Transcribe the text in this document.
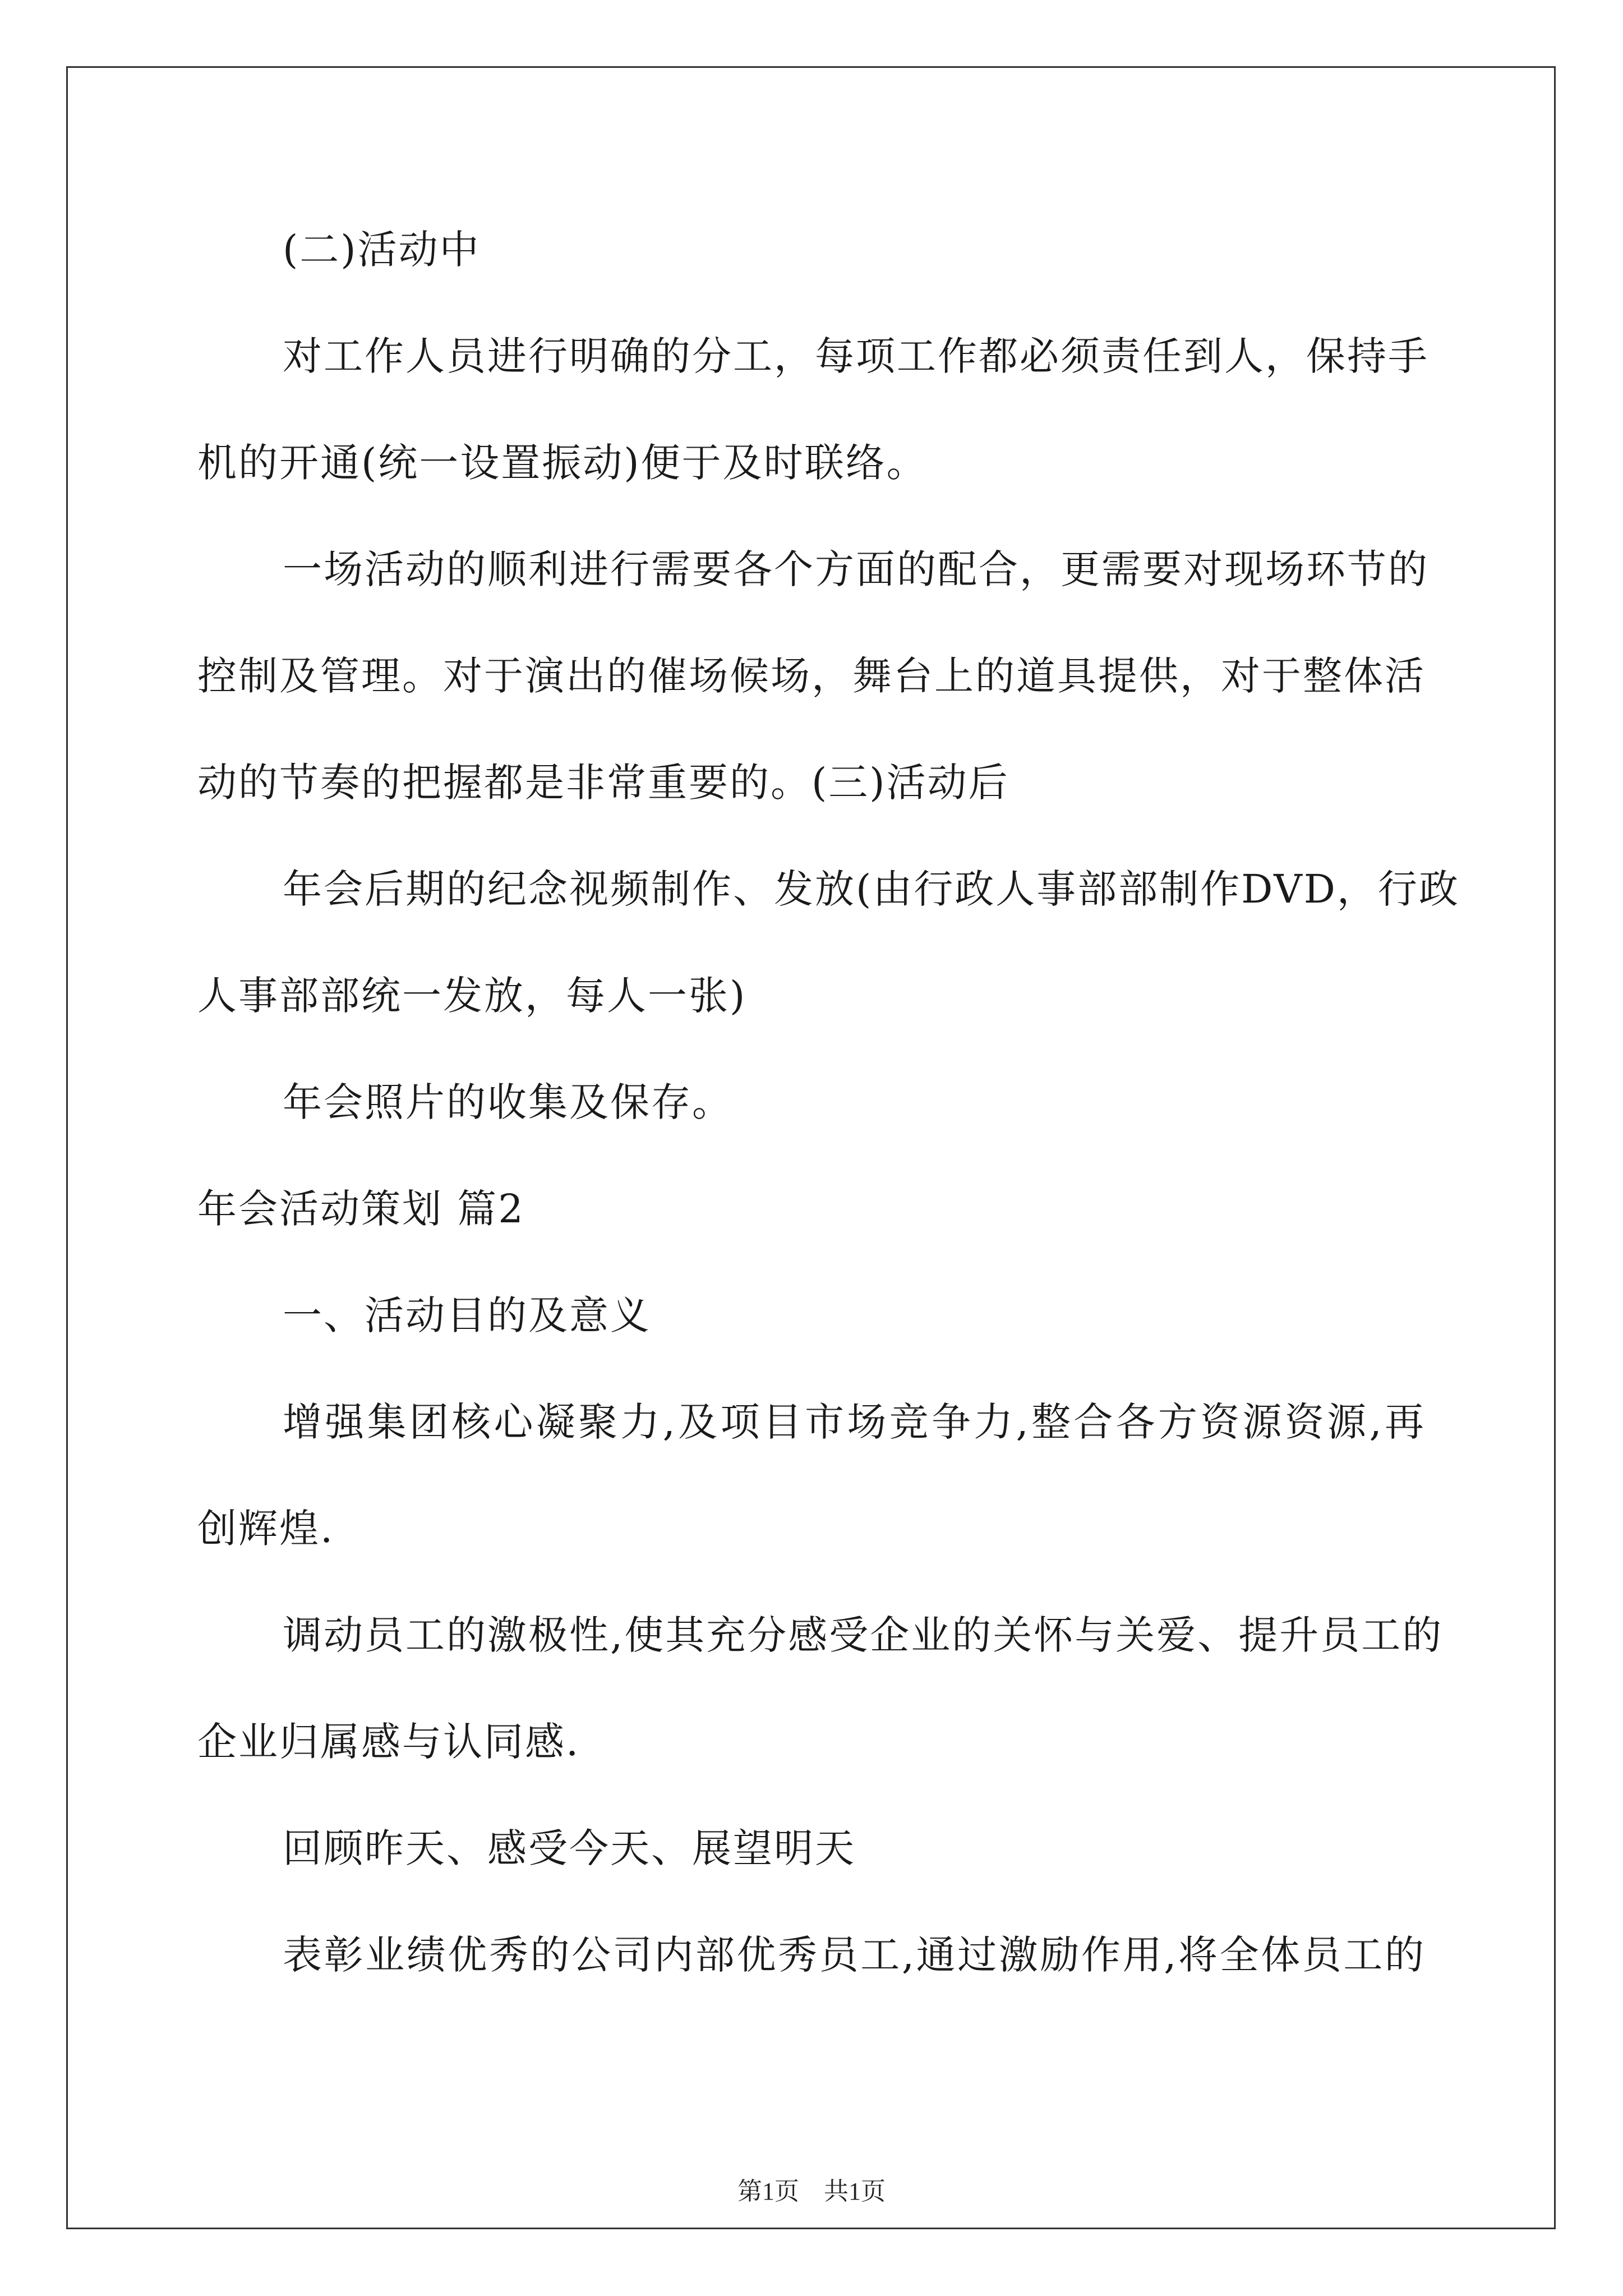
(二)活动中
对工作人员进行明确的分工，每项工作都必须责任到人，保持手
机的开通(统一设置振动)便于及时联络。
一场活动的顺利进行需要各个方面的配合，更需要对现场环节的
控制及管理。对于演出的催场候场，舞台上的道具提供，对于整体活
动的节奏的把握都是非常重要的。(三)活动后
年会后期的纪念视频制作、发放(由行政人事部部制作DVD，行政
人事部部统一发放，每人一张)
年会照片的收集及保存。
年会活动策划 篇2
一、活动目的及意义
增强集团核心凝聚力,及项目市场竞争力,整合各方资源资源,再
创辉煌.
调动员工的激极性,使其充分感受企业的关怀与关爱、提升员工的
企业归属感与认同感.
回顾昨天、感受今天、展望明天
表彰业绩优秀的公司内部优秀员工,通过激励作用,将全体员工的
第1页　共1页
